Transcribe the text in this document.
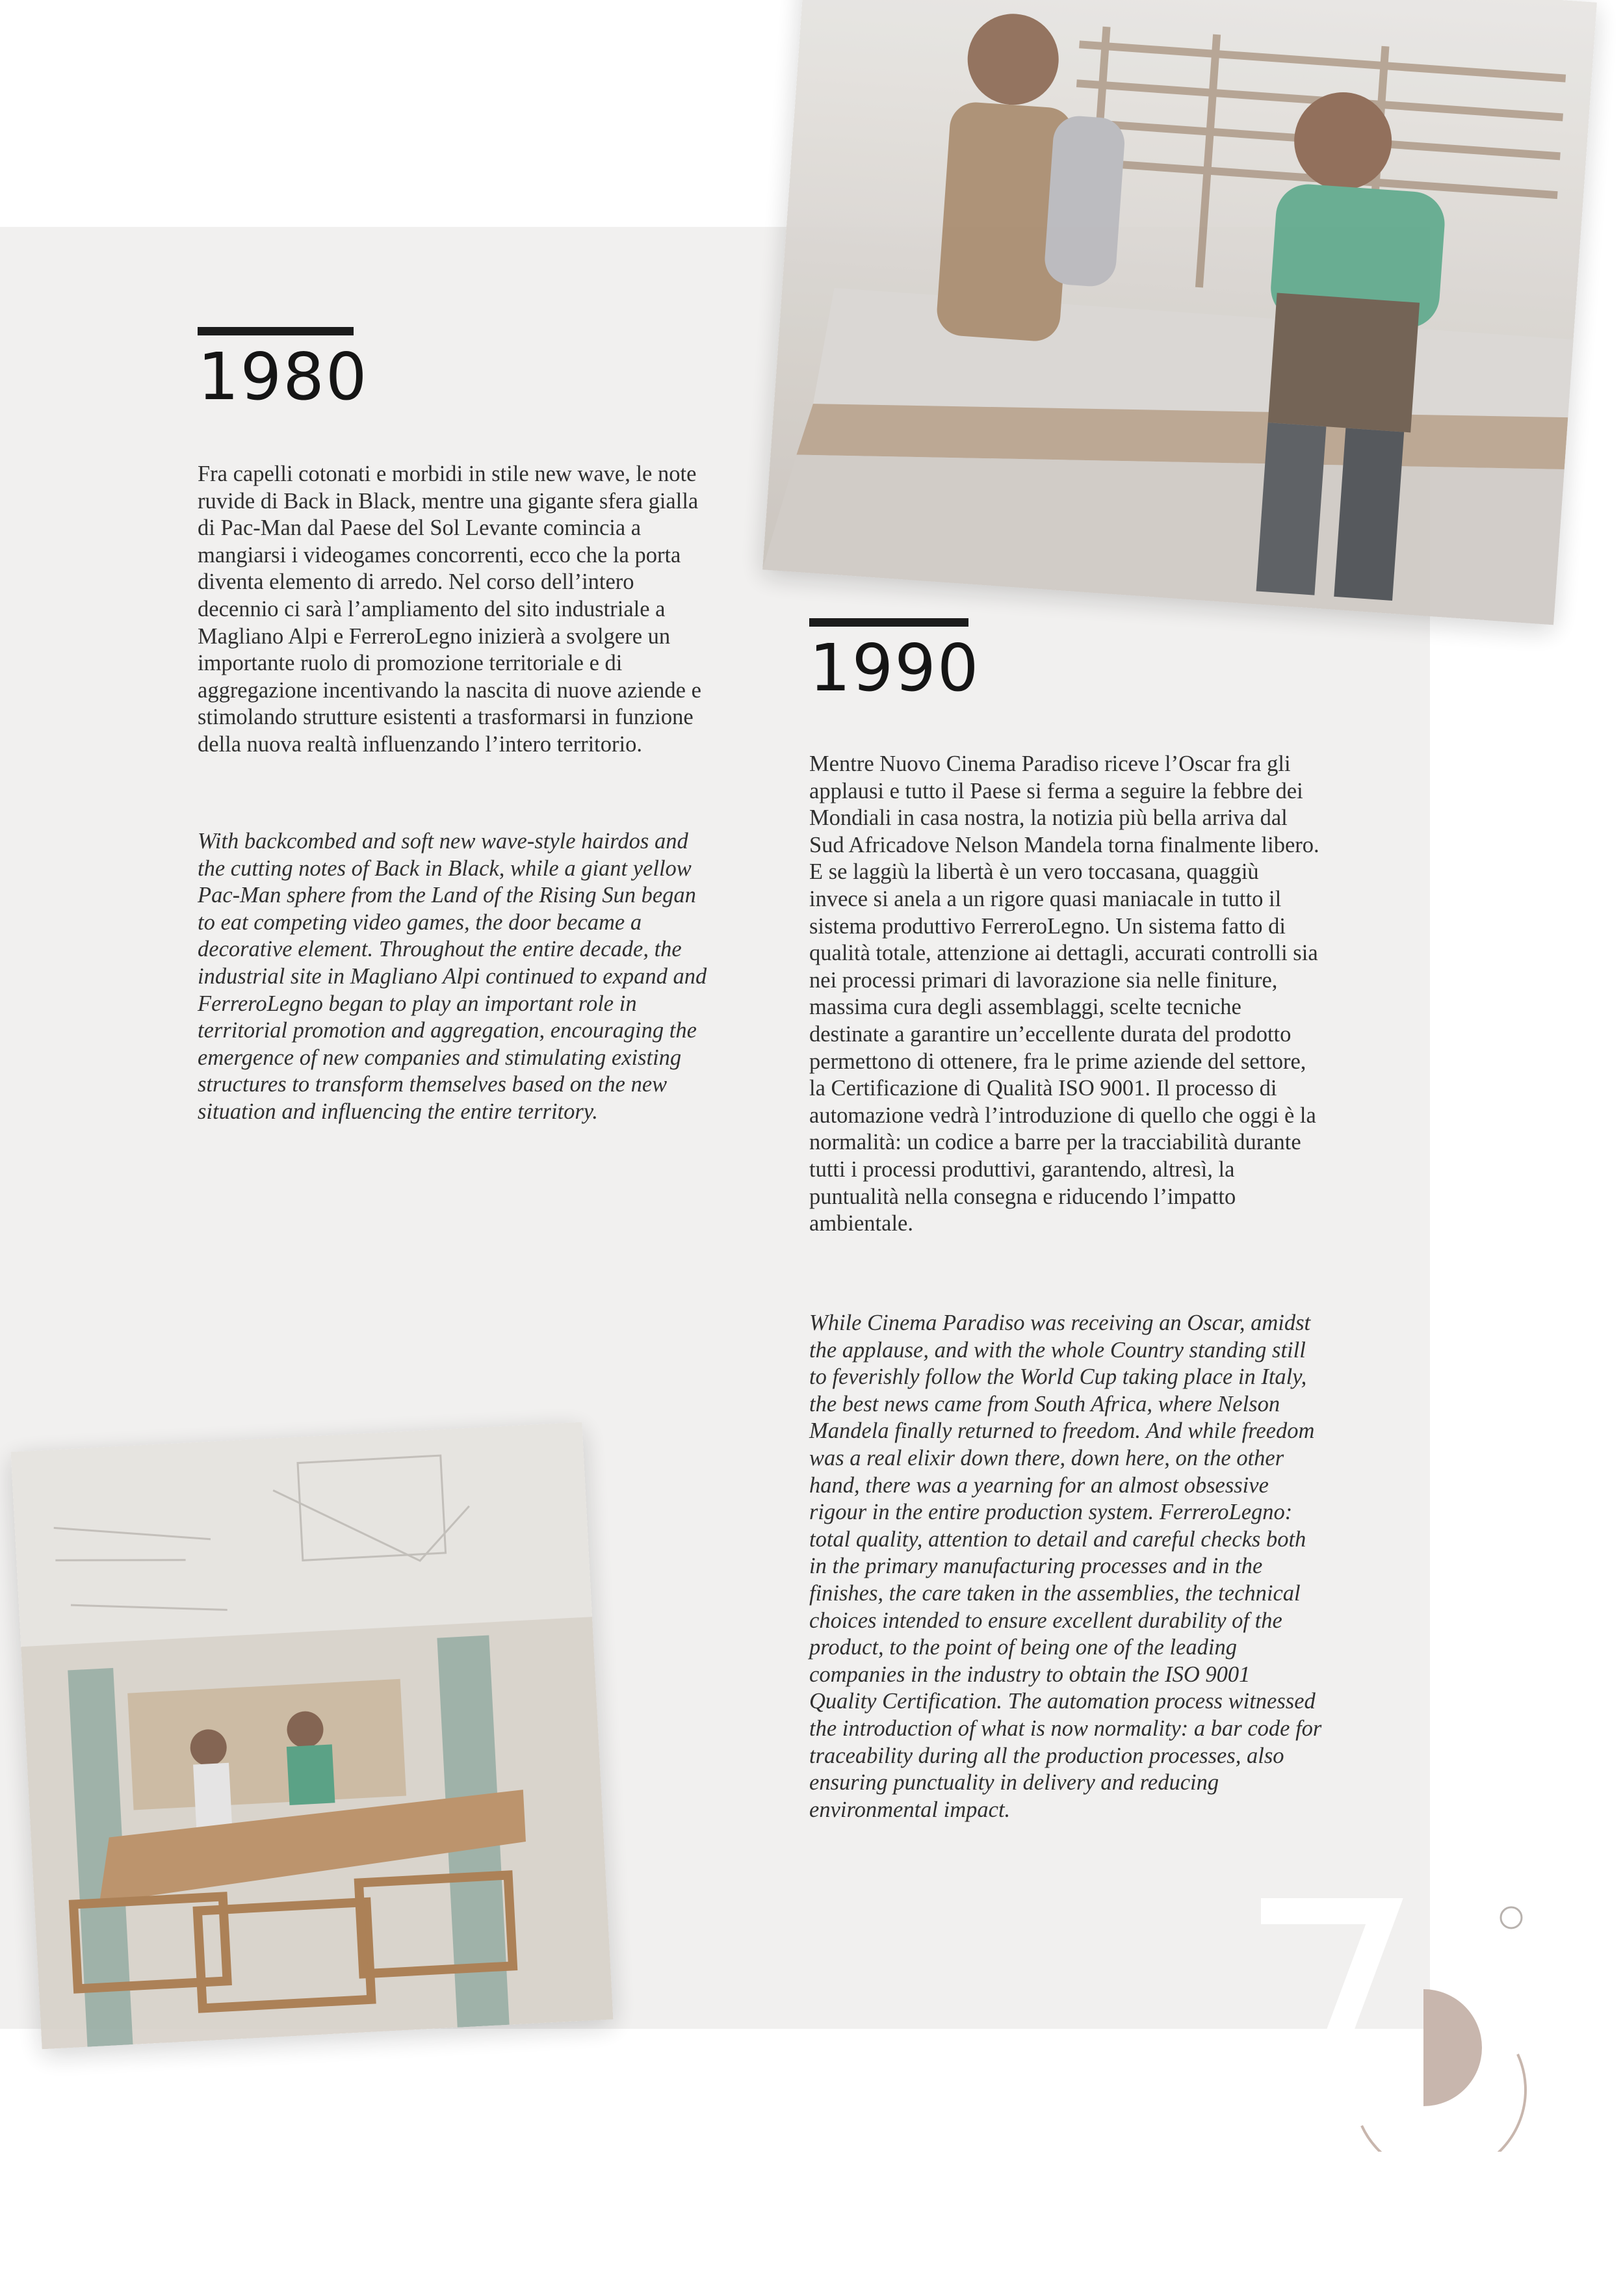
1980

Fra capelli cotonati e morbidi in stile new wave, le note ruvide di Back in Black, mentre una gigante sfera gialla di Pac-Man dal Paese del Sol Levante comincia a mangiarsi i videogames concorrenti, ecco che la porta diventa elemento di arredo. Nel corso dell’intero decennio ci sarà l’ampliamento del sito industriale a Magliano Alpi e FerreroLegno inizierà a svolgere un importante ruolo di promozione territoriale e di aggregazione incentivando la nascita di nuove aziende e stimolando strutture esistenti a trasformarsi in funzione della nuova realtà influenzando l’intero territorio.

With backcombed and soft new wave-style hairdos and the cutting notes of Back in Black, while a giant yellow Pac-Man sphere from the Land of the Rising Sun began to eat competing video games, the door became a decorative element. Throughout the entire decade, the industrial site in Magliano Alpi continued to expand and FerreroLegno began to play an important role in territorial promotion and aggregation, encouraging the emergence of new companies and stimulating existing structures to transform themselves based on the new situation and influencing the entire territory.

1990

Mentre Nuovo Cinema Paradiso riceve l’Oscar fra gli applausi e tutto il Paese si ferma a seguire la febbre dei Mondiali in casa nostra, la notizia più bella arriva dal Sud Africadove Nelson Mandela torna finalmente libero. E se laggiù la libertà è un vero toccasana, quaggiù invece si anela a un rigore quasi maniacale in tutto il sistema produttivo FerreroLegno. Un sistema fatto di qualità totale, attenzione ai dettagli, accurati controlli sia nei processi primari di lavorazione sia nelle finiture, massima cura degli assemblaggi, scelte tecniche destinate a garantire un’eccellente durata del prodotto permettono di ottenere, fra le prime aziende del settore, la Certificazione di Qualità ISO 9001. Il processo di automazione vedrà l’introduzione di quello che oggi è la normalità: un codice a barre per la tracciabilità durante tutti i processi produttivi, garantendo, altresì, la puntualità nella consegna e riducendo l’impatto ambientale.

While Cinema Paradiso was receiving an Oscar, amidst the applause, and with the whole Country standing still to feverishly follow the World Cup taking place in Italy, the best news came from South Africa, where Nelson Mandela finally returned to freedom. And while freedom was a real elixir down there, down here, on the other hand, there was a yearning for an almost obsessive rigour in the entire production system. FerreroLegno: total quality, attention to detail and careful checks both in the primary manufacturing processes and in the finishes, the care taken in the assemblies, the technical choices intended to ensure excellent durability of the product, to the point of being one of the leading companies in the industry to obtain the ISO 9001 Quality Certification. The automation process witnessed the introduction of what is now normality: a bar code for traceability during all the production processes, also ensuring punctuality in delivery and reducing environmental impact.
